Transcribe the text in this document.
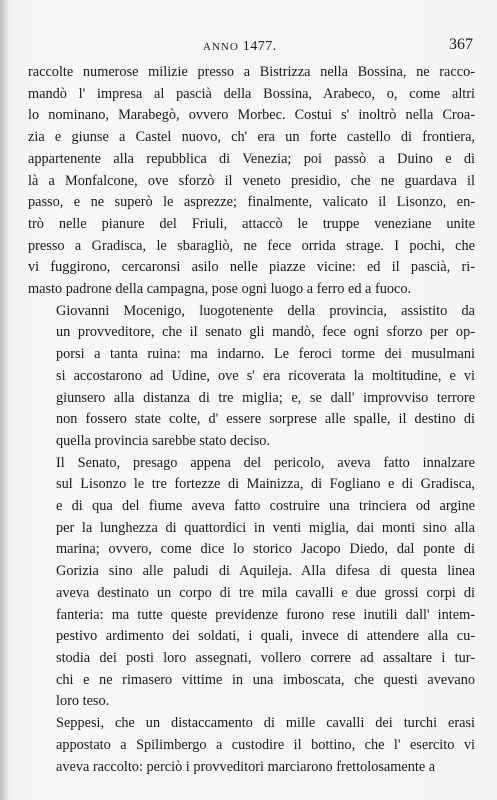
ANNO 1477.	367
raccolte numerose milizie presso a Bistrizza nella Bossina, ne racco-
mandò l' impresa al pascià della Bossina, Arabeco, o, come altri
lo nominano, Marabegò, ovvero Morbec. Costui s' inoltrò nella Croa-
zia e giunse a Castel nuovo, ch' era un forte castello di frontiera,
appartenente alla repubblica di Venezia; poi passò a Duino e di
là a Monfalcone, ove sforzò il veneto presidio, che ne guardava il
passo, e ne superò le asprezze; finalmente, valicato il Lisonzo, en-
trò nelle pianure del Friuli, attaccò le truppe veneziane unite
presso a Gradisca, le sbaragliò, ne fece orrida strage. I pochi, che
vi fuggirono, cercaronsi asilo nelle piazze vicine: ed il pascià, ri-
masto padrone della campagna, pose ogni luogo a ferro ed a fuoco.
Giovanni Mocenigo, luogotenente della provincia, assistito da
un provveditore, che il senato gli mandò, fece ogni sforzo per op-
porsi a tanta ruina: ma indarno. Le feroci torme dei musulmani
si accostarono ad Udine, ove s' era ricoverata la moltitudine, e vi
giunsero alla distanza di tre miglia; e, se dall' improvviso terrore
non fossero state colte, d' essere sorprese alle spalle, il destino di
quella provincia sarebbe stato deciso.
Il Senato, presago appena del pericolo, aveva fatto innalzare
sul Lisonzo le tre fortezze di Mainizza, di Fogliano e di Gradisca,
e di qua del fiume aveva fatto costruire una trinciera od argine
per la lunghezza di quattordici in venti miglia, dai monti sino alla
marina; ovvero, come dice lo storico Jacopo Diedo, dal ponte di
Gorizia sino alle paludi di Aquileja. Alla difesa di questa linea
aveva destinato un corpo di tre mila cavalli e due grossi corpi di
fanteria: ma tutte queste previdenze furono rese inutili dall' intem-
pestivo ardimento dei soldati, i quali, invece di attendere alla cu-
stodia dei posti loro assegnati, vollero correre ad assaltare i tur-
chi e ne rimasero vittime in una imboscata, che questi avevano
loro teso.
Seppesi, che un distaccamento di mille cavalli dei turchi erasi
appostato a Spilimbergo a custodire il bottino, che l' esercito vi
aveva raccolto: perciò i provveditori marciarono frettolosamente a
